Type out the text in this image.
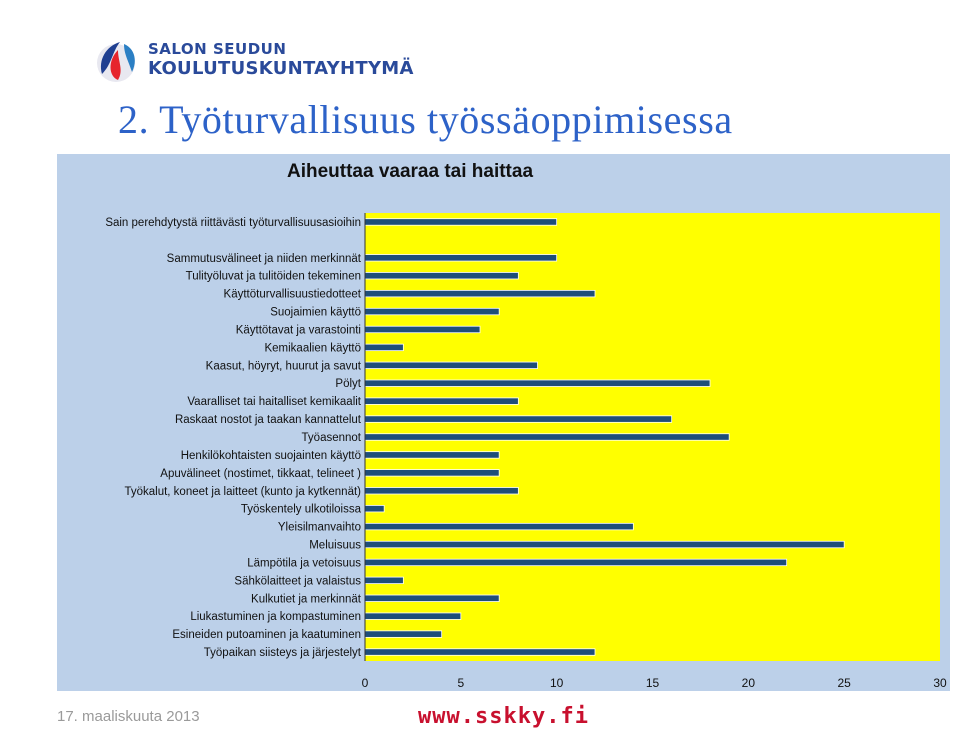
SALON SEUDUN
KOULUTUSKUNTAYHTYMÄ
2. Työturvallisuus työssäoppimisessa
Aiheuttaa vaaraa tai haittaa
Sain perehdytystä riittävästi työturvallisuusasioihin
Sammutusvälineet ja niiden merkinnät
Tulityöluvat ja tulitöiden tekeminen
Käyttöturvallisuustiedotteet
Suojaimien käyttö
Käyttötavat ja varastointi
Kemikaalien käyttö
Kaasut, höyryt, huurut ja savut
Pölyt
Vaaralliset tai haitalliset kemikaalit
Raskaat nostot ja taakan kannattelut
Työasennot
Henkilökohtaisten suojainten käyttö
Apuvälineet (nostimet, tikkaat, telineet )
Työkalut, koneet ja laitteet (kunto ja kytkennät)
Työskentely ulkotiloissa
Yleisilmanvaihto
Meluisuus
Lämpötila ja vetoisuus
Sähkölaitteet ja valaistus
Kulkutiet ja merkinnät
Liukastuminen ja kompastuminen
Esineiden putoaminen ja kaatuminen
Työpaikan siisteys ja järjestelyt
0	5	10	15	20	25	30
17. maaliskuuta 2013	www.sskky.fi
